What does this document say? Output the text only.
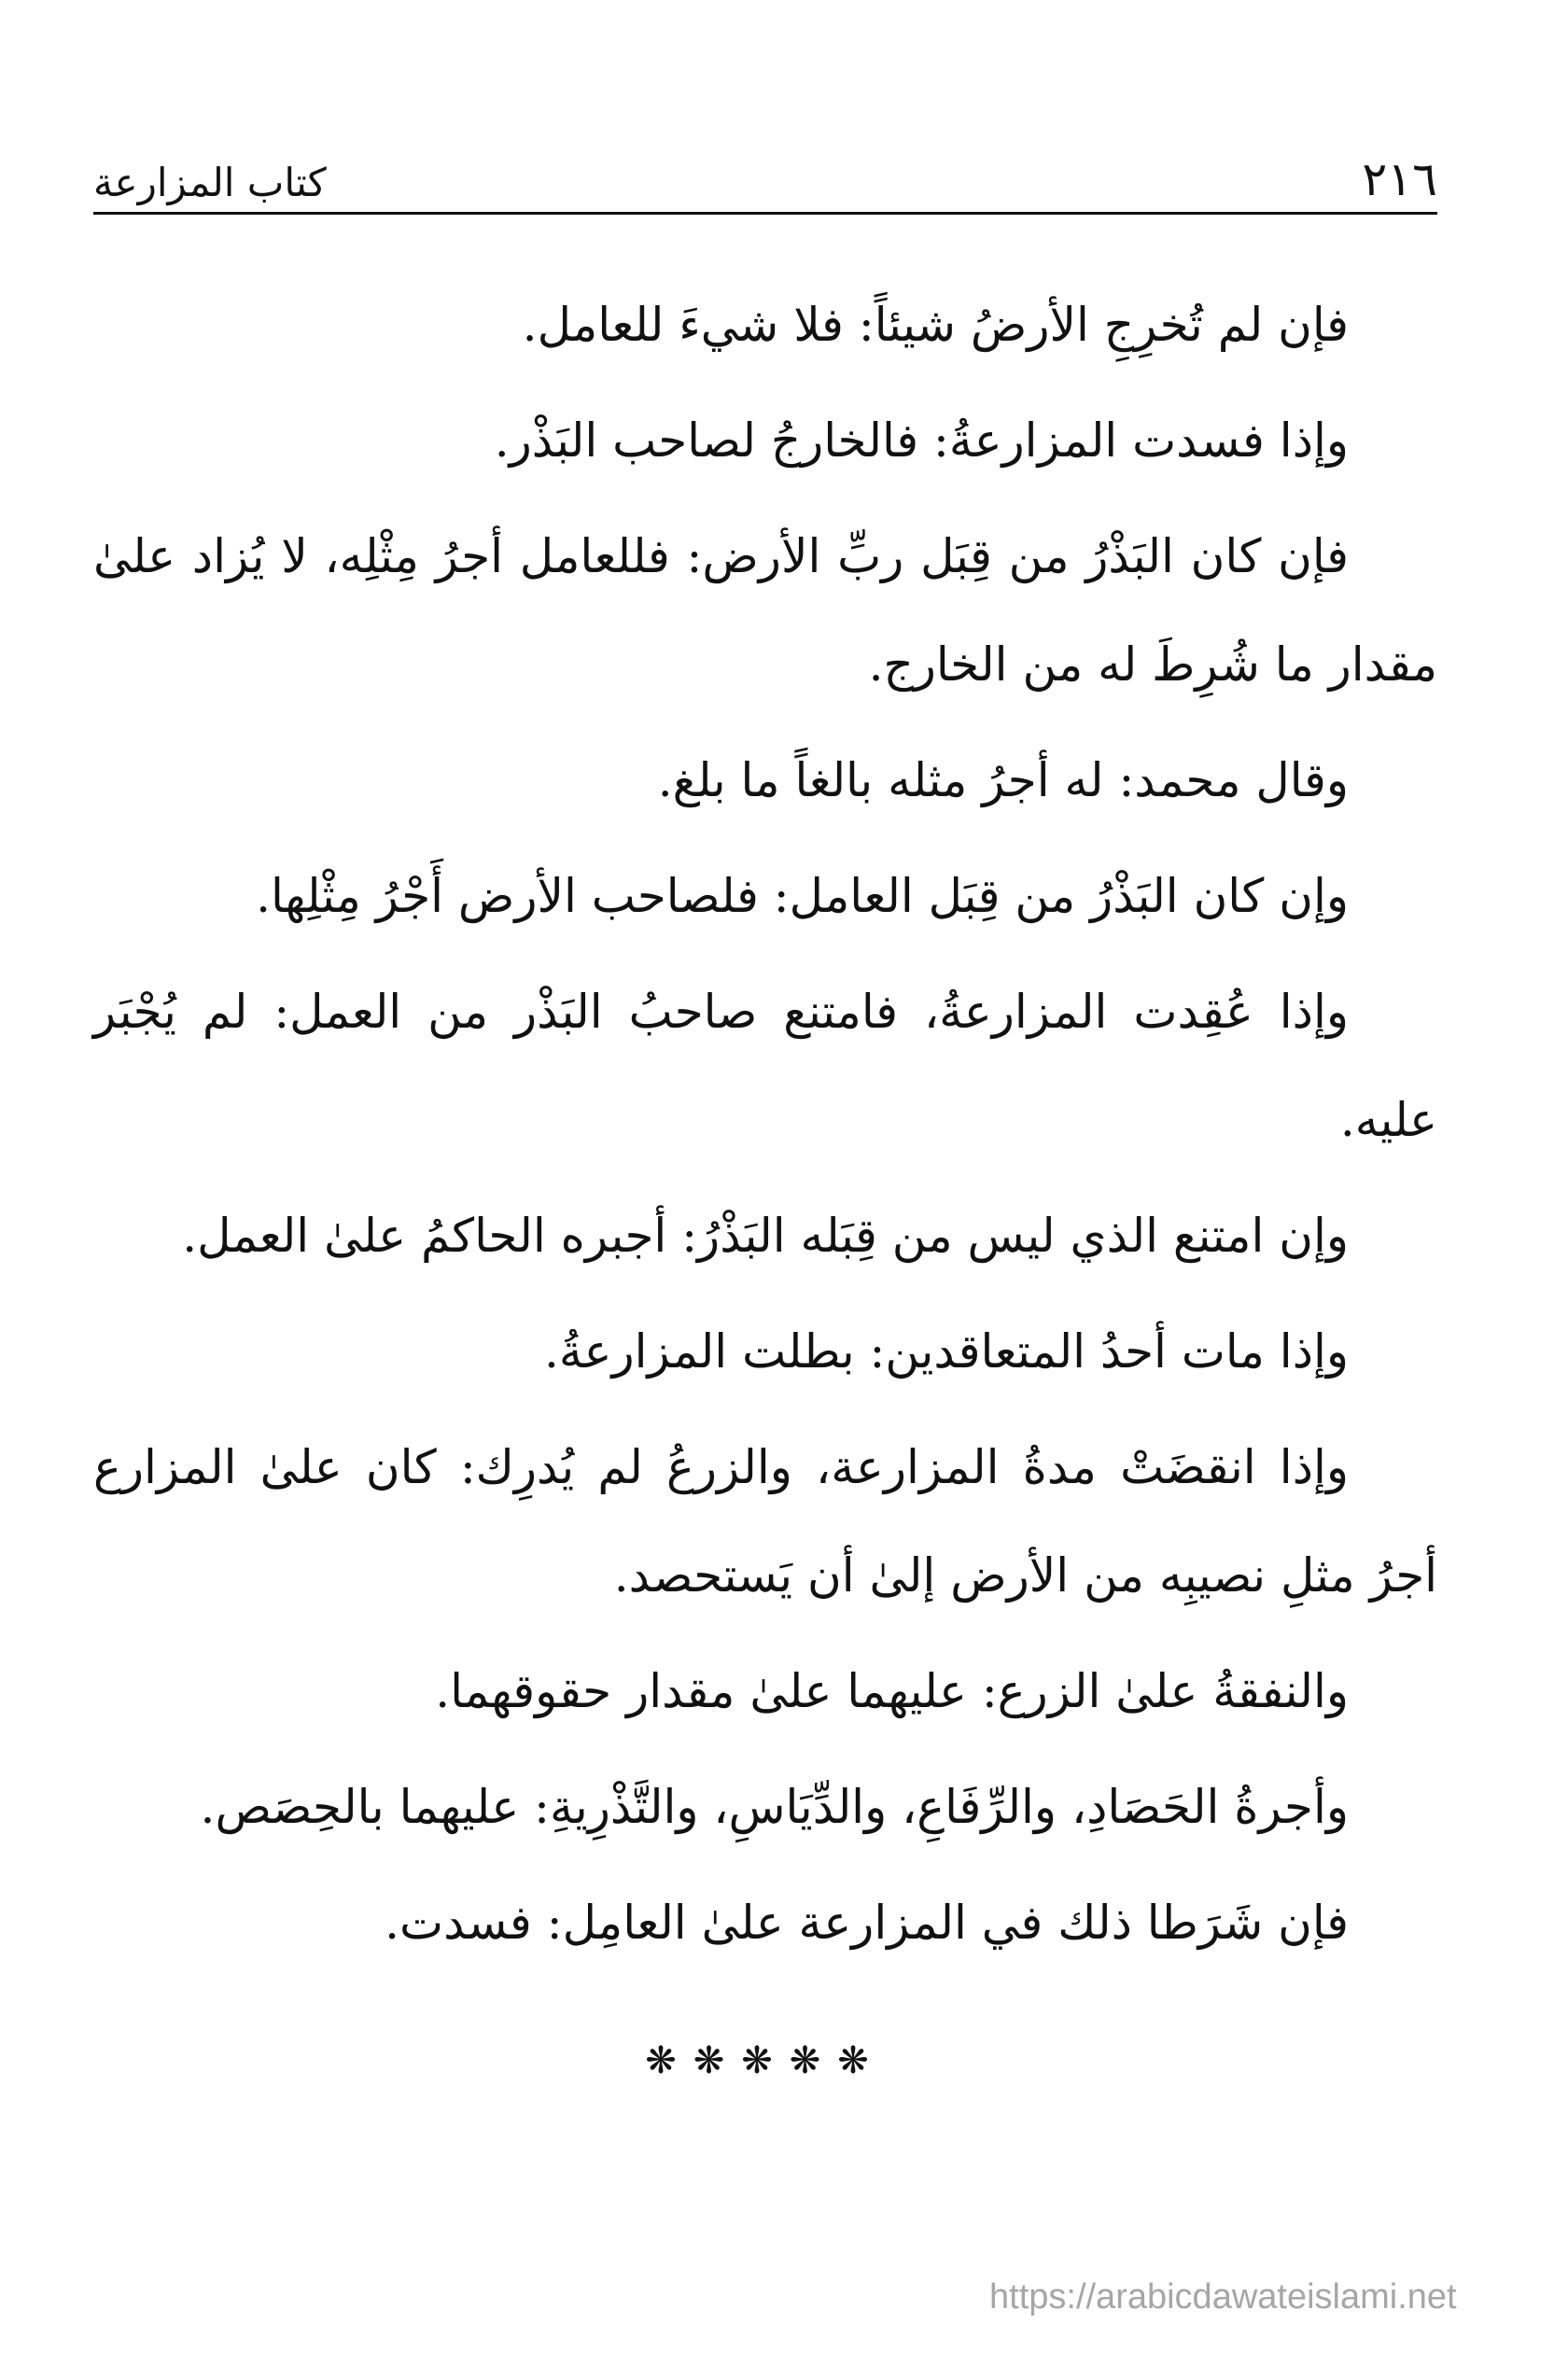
٢١٦
كتاب المزارعة

فإن لم تُخرِجِ الأرضُ شيئاً: فلا شيءَ للعامل.

وإذا فسدت المزارعةُ: فالخارجُ لصاحب البَذْر.

فإن كان البَذْرُ من قِبَل ربِّ الأرض: فللعامل أجرُ مِثْلِه، لا يُزاد علىٰ مقدار ما شُرِطَ له من الخارج.

وقال محمد: له أجرُ مثله بالغاً ما بلغ.

وإن كان البَذْرُ من قِبَل العامل: فلصاحب الأرض أَجْرُ مِثْلِها.

وإذا عُقِدت المزارعةُ، فامتنع صاحبُ البَذْر من العمل: لم يُجْبَر عليه.

وإن امتنع الذي ليس من قِبَله البَذْرُ: أجبره الحاكمُ علىٰ العمل.

وإذا مات أحدُ المتعاقدين: بطلت المزارعةُ.

وإذا انقضَتْ مدةُ المزارعة، والزرعُ لم يُدرِك: كان علىٰ المزارع أجرُ مثلِ نصيبِه من الأرض إلىٰ أن يَستحصد.

والنفقةُ علىٰ الزرع: عليهما علىٰ مقدار حقوقهما.

وأجرةُ الحَصَادِ، والرِّفَاعِ، والدِّيَاسِ، والتَّذْرِيةِ: عليهما بالحِصَص.

فإن شَرَطا ذلك في المزارعة علىٰ العامِل: فسدت.

❋❋❋❋❋
https://arabicdawateislami.net
